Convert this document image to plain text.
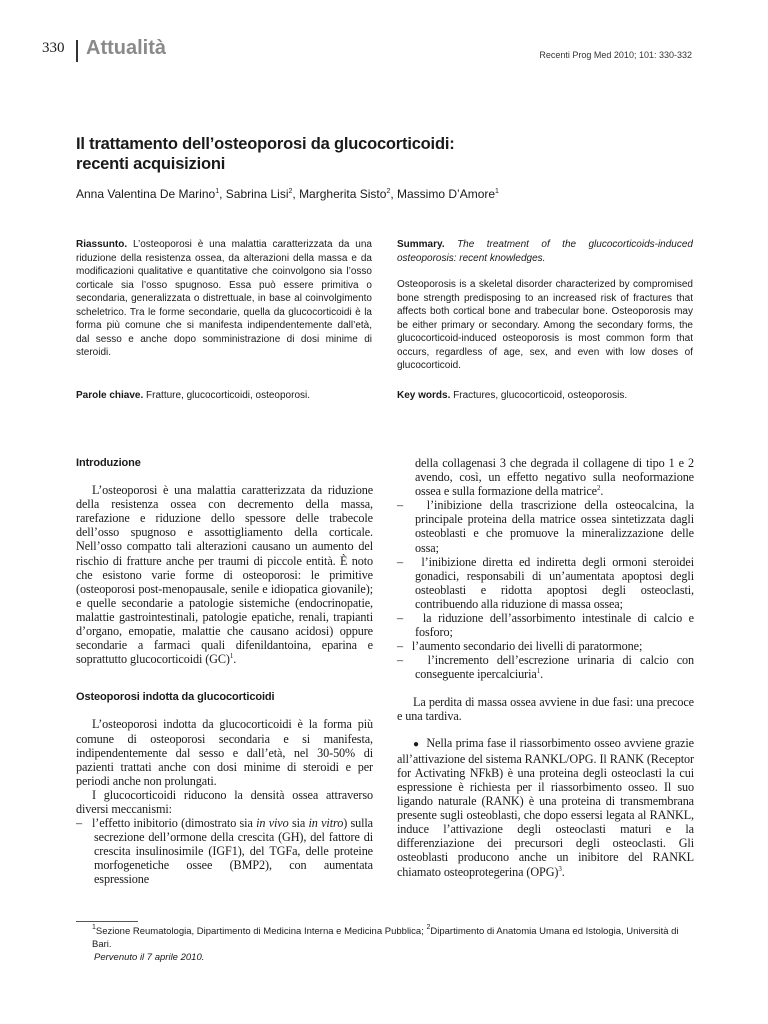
330 Attualità	Recenti Prog Med 2010; 101: 330-332
Il trattamento dell’osteoporosi da glucocorticoidi:
recenti acquisizioni
Anna Valentina De Marino$^1$, Sabrina Lisi$^2$, Margherita Sisto$^2$, Massimo D’Amore$^1$
Riassunto. L’osteoporosi è una malattia caratterizzata da una riduzione della resistenza ossea, da alterazioni della massa e da modificazioni qualitative e quantitative che coinvolgono sia l’osso corticale sia l’osso spugnoso. Essa può essere primitiva o secondaria, generalizzata o distrettuale, in base al coinvolgimento scheletrico. Tra le forme secondarie, quella da glucocorticoidi è la forma più comune che si manifesta indipendentemente dall’età, dal sesso e anche dopo somministrazione di dosi minime di steroidi.

Summary. The treatment of the glucocorticoids-induced osteoporosis: recent knowledges.

Osteoporosis is a skeletal disorder characterized by compromised bone strength predisposing to an increased risk of fractures that affects both cortical bone and trabecular bone. Osteoporosis may be either primary or secondary. Among the secondary forms, the glucocorticoid-induced osteoporosis is most common form that occurs, regardless of age, sex, and even with low doses of glucocorticoid.

Parole chiave. Fratture, glucocorticoidi, osteoporosi.	Key words. Fractures, glucocorticoid, osteoporosis.

Introduzione

L’osteoporosi è una malattia caratterizzata da riduzione della resistenza ossea con decremento della massa, rarefazione e riduzione dello spessore delle trabecole dell’osso spugnoso e assottigliamento della corticale. Nell’osso compatto tali alterazioni causano un aumento del rischio di fratture anche per traumi di piccole entità. È noto che esistono varie forme di osteoporosi: le primitive (osteoporosi post-menopausale, senile e idiopatica giovanile); e quelle secondarie a patologie sistemiche (endocrinopatie, malattie gastrointestinali, patologie epatiche, renali, trapianti d’organo, emopatie, malattie che causano acidosi) oppure secondarie a farmaci quali difenildantoina, eparina e soprattutto glucocorticoidi (GC)$^1$.

Osteoporosi indotta da glucocorticoidi

L’osteoporosi indotta da glucocorticoidi è la forma più comune di osteoporosi secondaria e si manifesta, indipendentemente dal sesso e dall’età, nel 30-50% di pazienti trattati anche con dosi minime di steroidi e per periodi anche non prolungati.

I glucocorticoidi riducono la densità ossea attraverso diversi meccanismi:

– l’effetto inibitorio (dimostrato sia in vivo sia in vitro) sulla secrezione dell’ormone della crescita (GH), del fattore di crescita insulinosimile (IGF1), del TGFa, delle proteine morfogenetiche ossee (BMP2), con aumentata espressione

della collagenasi 3 che degrada il collagene di tipo 1 e 2 avendo, così, un effetto negativo sulla neoformazione ossea e sulla formazione della matrice$^2$.

– l’inibizione della trascrizione della osteocalcina, la principale proteina della matrice ossea sintetizzata dagli osteoblasti e che promuove la mineralizzazione delle ossa;

– l’inibizione diretta ed indiretta degli ormoni steroidei gonadici, responsabili di un’aumentata apoptosi degli osteoblasti e ridotta apoptosi degli osteoclasti, contribuendo alla riduzione di massa ossea;

– la riduzione dell’assorbimento intestinale di calcio e fosforo;

– l’aumento secondario dei livelli di paratormone;

– l’incremento dell’escrezione urinaria di calcio con conseguente ipercalciuria$^1$.

La perdita di massa ossea avviene in due fasi: una precoce e una tardiva.

● Nella prima fase il riassorbimento osseo avviene grazie all’attivazione del sistema RANKL/OPG. Il RANK (Receptor for Activating NFkB) è una proteina degli osteoclasti la cui espressione è richiesta per il riassorbimento osseo. Il suo ligando naturale (RANK) è una proteina di transmembrana presente sugli osteoblasti, che dopo essersi legata al RANKL, induce l’attivazione degli osteoclasti maturi e la differenziazione dei precursori degli osteoclasti. Gli osteoblasti producono anche un inibitore del RANKL chiamato osteoprotegerina (OPG)$^3$.

$^1$Sezione Reumatologia, Dipartimento di Medicina Interna e Medicina Pubblica; $^2$Dipartimento di Anatomia Umana ed Istologia, Università di Bari.
Pervenuto il 7 aprile 2010.
